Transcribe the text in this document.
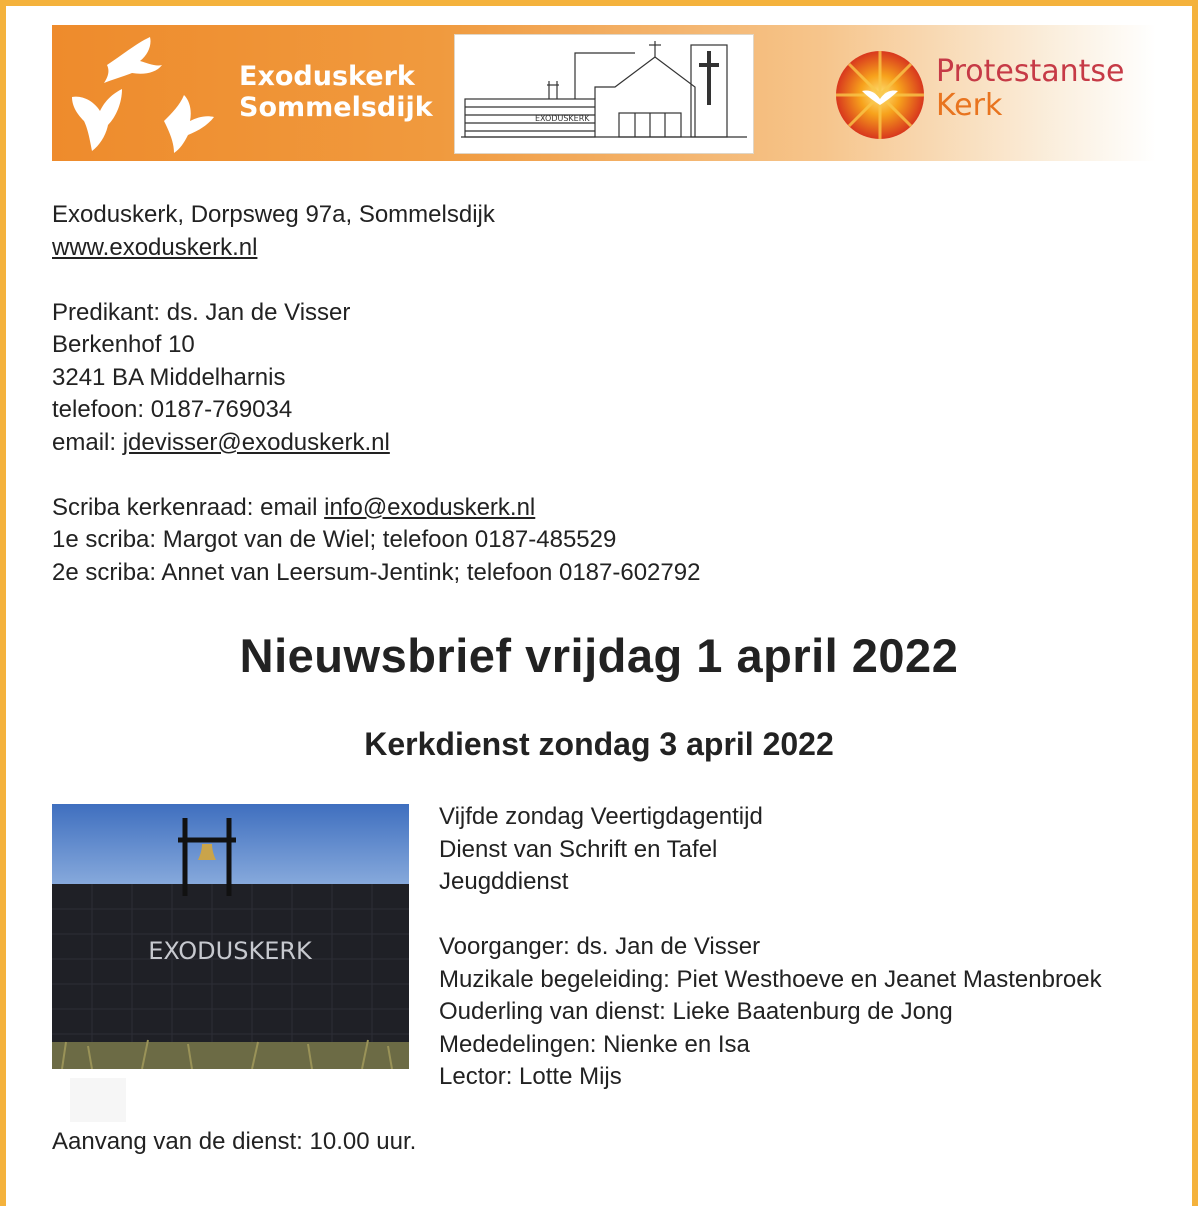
Exoduskerk
Sommelsdijk	EXODUSKERK
Protestantse
Kerk
Exoduskerk, Dorpsweg 97a, Sommelsdijk
www.exoduskerk.nl
Predikant: ds. Jan de Visser
Berkenhof 10
3241 BA Middelharnis
telefoon: 0187-769034
email: jdevisser@exoduskerk.nl
Scriba kerkenraad: email info@exoduskerk.nl
1e scriba: Margot van de Wiel; telefoon 0187-485529
2e scriba: Annet van Leersum-Jentink; telefoon 0187-602792
Nieuwsbrief vrijdag 1 april 2022
Kerkdienst zondag 3 april 2022
EXODUSKERK
Vijfde zondag Veertigdagentijd
Dienst van Schrift en Tafel
Jeugddienst
Voorganger: ds. Jan de Visser
Muzikale begeleiding: Piet Westhoeve en Jeanet Mastenbroek
Ouderling van dienst: Lieke Baatenburg de Jong
Mededelingen: Nienke en Isa
Lector: Lotte Mijs
Aanvang van de dienst: 10.00 uur.
